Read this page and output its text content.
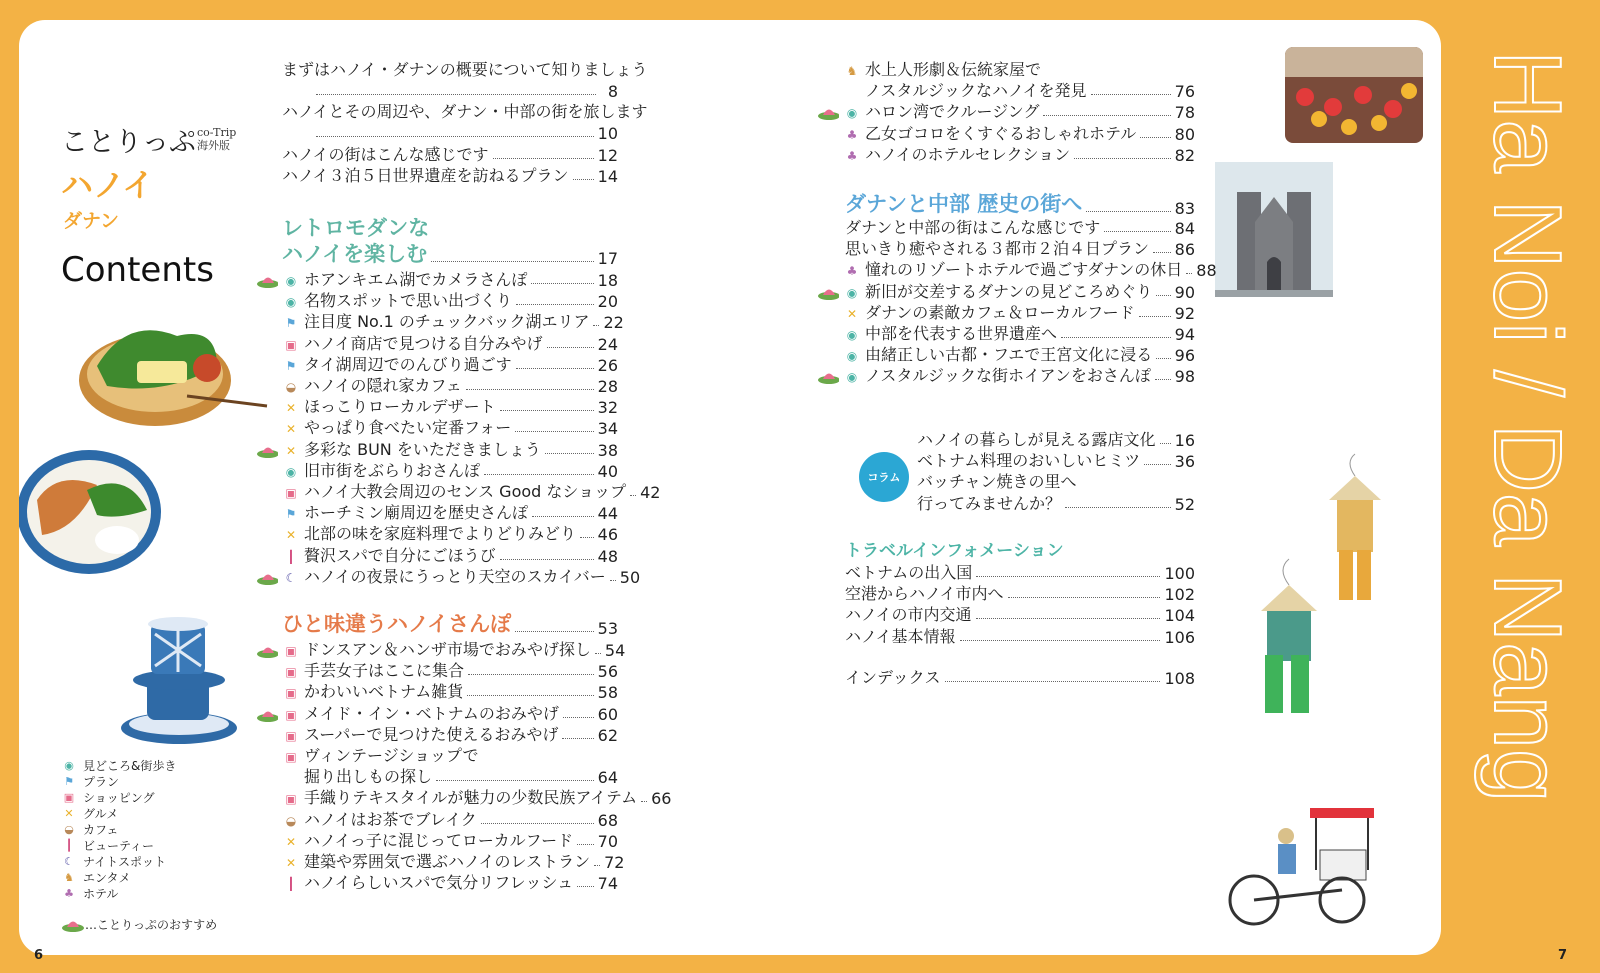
ことりっぷ co-Trip
海外版
ハノイ
ダナン
Contents
◉ 見どころ&街歩き
⚑ プラン
▣ ショッピング
✕ グルメ
◒ カフェ
┃ ビューティー
☾ ナイトスポット
♞ エンタメ
♣ ホテル
…ことりっぷのおすすめ
コラム
まずはハノイ・ダナンの概要について知りましょう
8
ハノイとその周辺や、ダナン・中部の街を旅します
10
ハノイの街はこんな感じです	12
ハノイ３泊５日世界遺産を訪ねるプラン 14
レトロモダンな
ハノイを楽しむ	17
ホアンキエム湖でカメラさんぽ	18
◉
名物スポットで思い出づくり	20
◉
注目度 No.1 のチュックバック湖エリア 22
⚑
ハノイ商店で見つける自分みやげ	24
▣
タイ湖周辺でのんびり過ごす	26
⚑
ハノイの隠れ家カフェ	28
◒
ほっこりローカルデザート	32
✕
やっぱり食べたい定番フォー	34
✕
多彩な BUN をいただきましょう	38
✕
旧市街をぶらりおさんぽ	40
◉
ハノイ大教会周辺のセンス Good なショップ 42
▣
ホーチミン廟周辺を歴史さんぽ	44
⚑
北部の味を家庭料理でよりどりみどり 46
✕
贅沢スパで自分にごほうび	48
┃
ハノイの夜景にうっとり天空のスカイバー 50
☾
ひと味違うハノイさんぽ	53
ドンスアン＆ハンザ市場でおみやげ探し 54
▣
手芸女子はここに集合	56
▣
かわいいベトナム雑貨	58
▣
メイド・イン・ベトナムのおみやげ 60
▣
スーパーで見つけた使えるおみやげ 62
▣
ヴィンテージショップで
▣
掘り出しもの探し	64
手織りテキスタイルが魅力の少数民族アイテム 66
▣
ハノイはお茶でブレイク	68
◒
ハノイっ子に混じってローカルフード 70
✕
建築や雰囲気で選ぶハノイのレストラン 72
✕
ハノイらしいスパで気分リフレッシュ 74
┃
水上人形劇＆伝統家屋で
♞
ノスタルジックなハノイを発見	76
ハロン湾でクルージング	78
◉
乙女ゴコロをくすぐるおしゃれホテル 80
♣
ハノイのホテルセレクション	82
♣
ダナンと中部 歴史の街へ	83
ダナンと中部の街はこんな感じです	84
思いきり癒やされる３都市２泊４日プラン 86
憧れのリゾートホテルで過ごすダナンの休日 88
♣
新旧が交差するダナンの見どころめぐり 90
◉
ダナンの素敵カフェ＆ローカルフード	92
✕
中部を代表する世界遺産へ	94
◉
由緒正しい古都・フエで王宮文化に浸る 96
◉
ノスタルジックな街ホイアンをおさんぽ 98
◉
ハノイの暮らしが見える露店文化 16
ベトナム料理のおいしいヒミツ 36
バッチャン焼きの里へ
行ってみませんか？	52
トラベルインフォメーション
ベトナムの出入国	100
空港からハノイ市内へ	102
ハノイの市内交通	104
ハノイ基本情報	106
インデックス	108	Ha Noi / Da Nang
6	7
